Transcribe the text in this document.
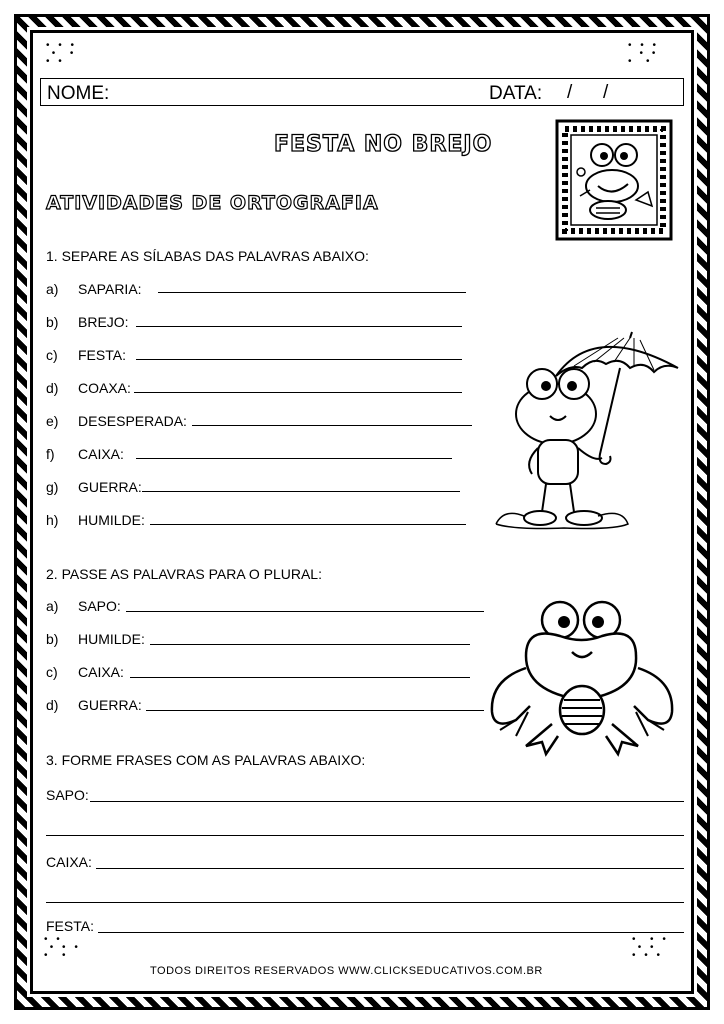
• • •
•  •
• •
• • •
• •
•  •
NOME:	DATA: / /
FESTA NO BREJO
ATIVIDADES DE ORTOGRAFIA
1. SEPARE AS SÍLABAS DAS PALAVRAS ABAIXO:
a) SAPARIA:
b) BREJO:
c) FESTA:
d) COAXA:
e) DESESPERADA:
f) CAIXA:
g) GUERRA:
h) HUMILDE:
2. PASSE AS PALAVRAS PARA O PLURAL:
a) SAPO:
b) HUMILDE:
c) CAIXA:
d) GUERRA:
3. FORME FRASES COM AS PALAVRAS ABAIXO:
SAPO:
CAIXA:
FESTA:
TODOS DIREITOS RESERVADOS WWW.CLICKSEDUCATIVOS.COM.BR
• •
• • •
•  •
•  • •
• •
• • •
